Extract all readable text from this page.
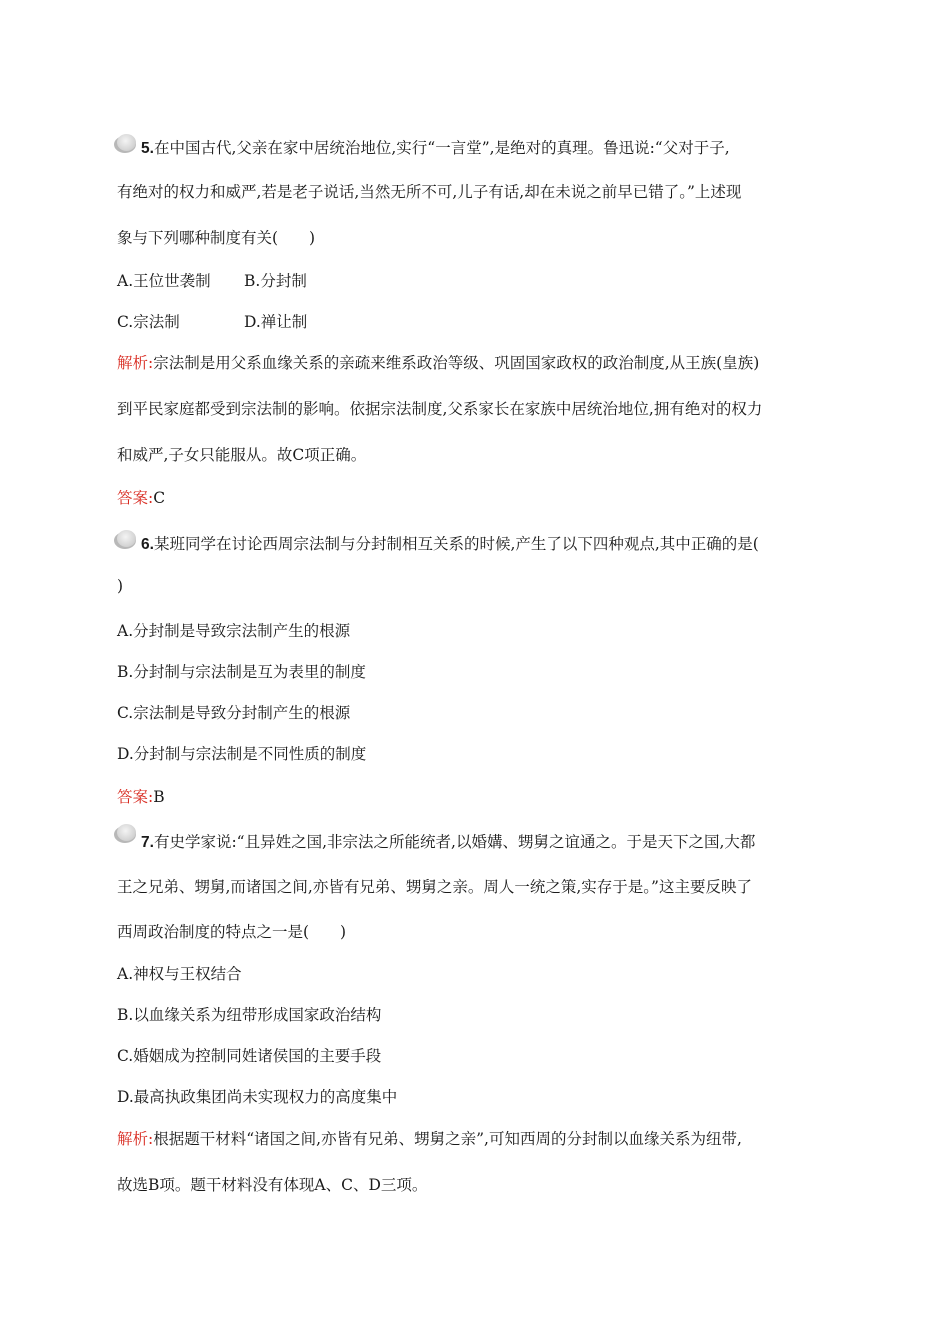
5.在中国古代,父亲在家中居统治地位,实行“一言堂”,是绝对的真理。鲁迅说:“父对于子,
有绝对的权力和威严,若是老子说话,当然无所不可,儿子有话,却在未说之前早已错了。”上述现
象与下列哪种制度有关(　　)
A.王位世袭制 B.分封制
C.宗法制	D.禅让制
解析:宗法制是用父系血缘关系的亲疏来维系政治等级、巩固国家政权的政治制度,从王族(皇族)
到平民家庭都受到宗法制的影响。依据宗法制度,父系家长在家族中居统治地位,拥有绝对的权力
和威严,子女只能服从。故C项正确。
答案:C
6.某班同学在讨论西周宗法制与分封制相互关系的时候,产生了以下四种观点,其中正确的是(
)
A.分封制是导致宗法制产生的根源
B.分封制与宗法制是互为表里的制度
C.宗法制是导致分封制产生的根源
D.分封制与宗法制是不同性质的制度
答案:B
7.有史学家说:“且异姓之国,非宗法之所能统者,以婚媾、甥舅之谊通之。于是天下之国,大都
王之兄弟、甥舅,而诸国之间,亦皆有兄弟、甥舅之亲。周人一统之策,实存于是。”这主要反映了
西周政治制度的特点之一是(　　)
A.神权与王权结合
B.以血缘关系为纽带形成国家政治结构
C.婚姻成为控制同姓诸侯国的主要手段
D.最高执政集团尚未实现权力的高度集中
解析:根据题干材料“诸国之间,亦皆有兄弟、甥舅之亲”,可知西周的分封制以血缘关系为纽带,
故选B项。题干材料没有体现A、C、D三项。
